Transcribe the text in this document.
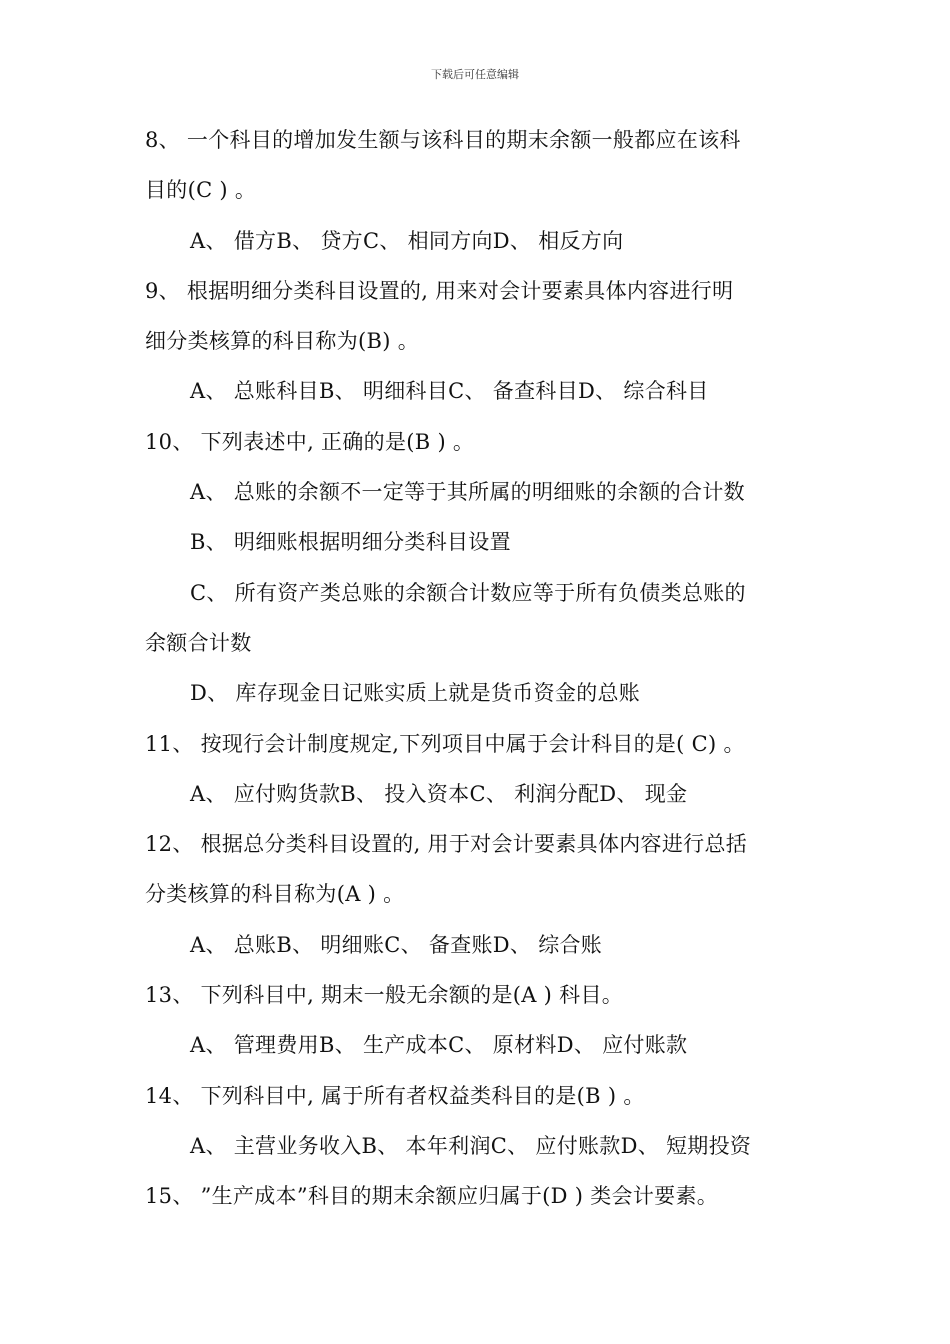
下载后可任意编辑
8、 一个科目的增加发生额与该科目的期末余额一般都应在该科
目的(C ) 。
A、 借方B、 贷方C、 相同方向D、 相反方向
9、 根据明细分类科目设置的, 用来对会计要素具体内容进行明
细分类核算的科目称为(B) 。
A、 总账科目B、 明细科目C、 备查科目D、 综合科目
10、 下列表述中, 正确的是(B ) 。
A、 总账的余额不一定等于其所属的明细账的余额的合计数
B、 明细账根据明细分类科目设置
C、 所有资产类总账的余额合计数应等于所有负债类总账的
余额合计数
D、 库存现金日记账实质上就是货币资金的总账
11、 按现行会计制度规定,下列项目中属于会计科目的是( C) 。
A、 应付购货款B、 投入资本C、 利润分配D、 现金
12、 根据总分类科目设置的, 用于对会计要素具体内容进行总括
分类核算的科目称为(A ) 。
A、 总账B、 明细账C、 备查账D、 综合账
13、 下列科目中, 期末一般无余额的是(A ) 科目。
A、 管理费用B、 生产成本C、 原材料D、 应付账款
14、 下列科目中, 属于所有者权益类科目的是(B ) 。
A、 主营业务收入B、 本年利润C、 应付账款D、 短期投资
15、 ”生产成本”科目的期末余额应归属于(D ) 类会计要素。
